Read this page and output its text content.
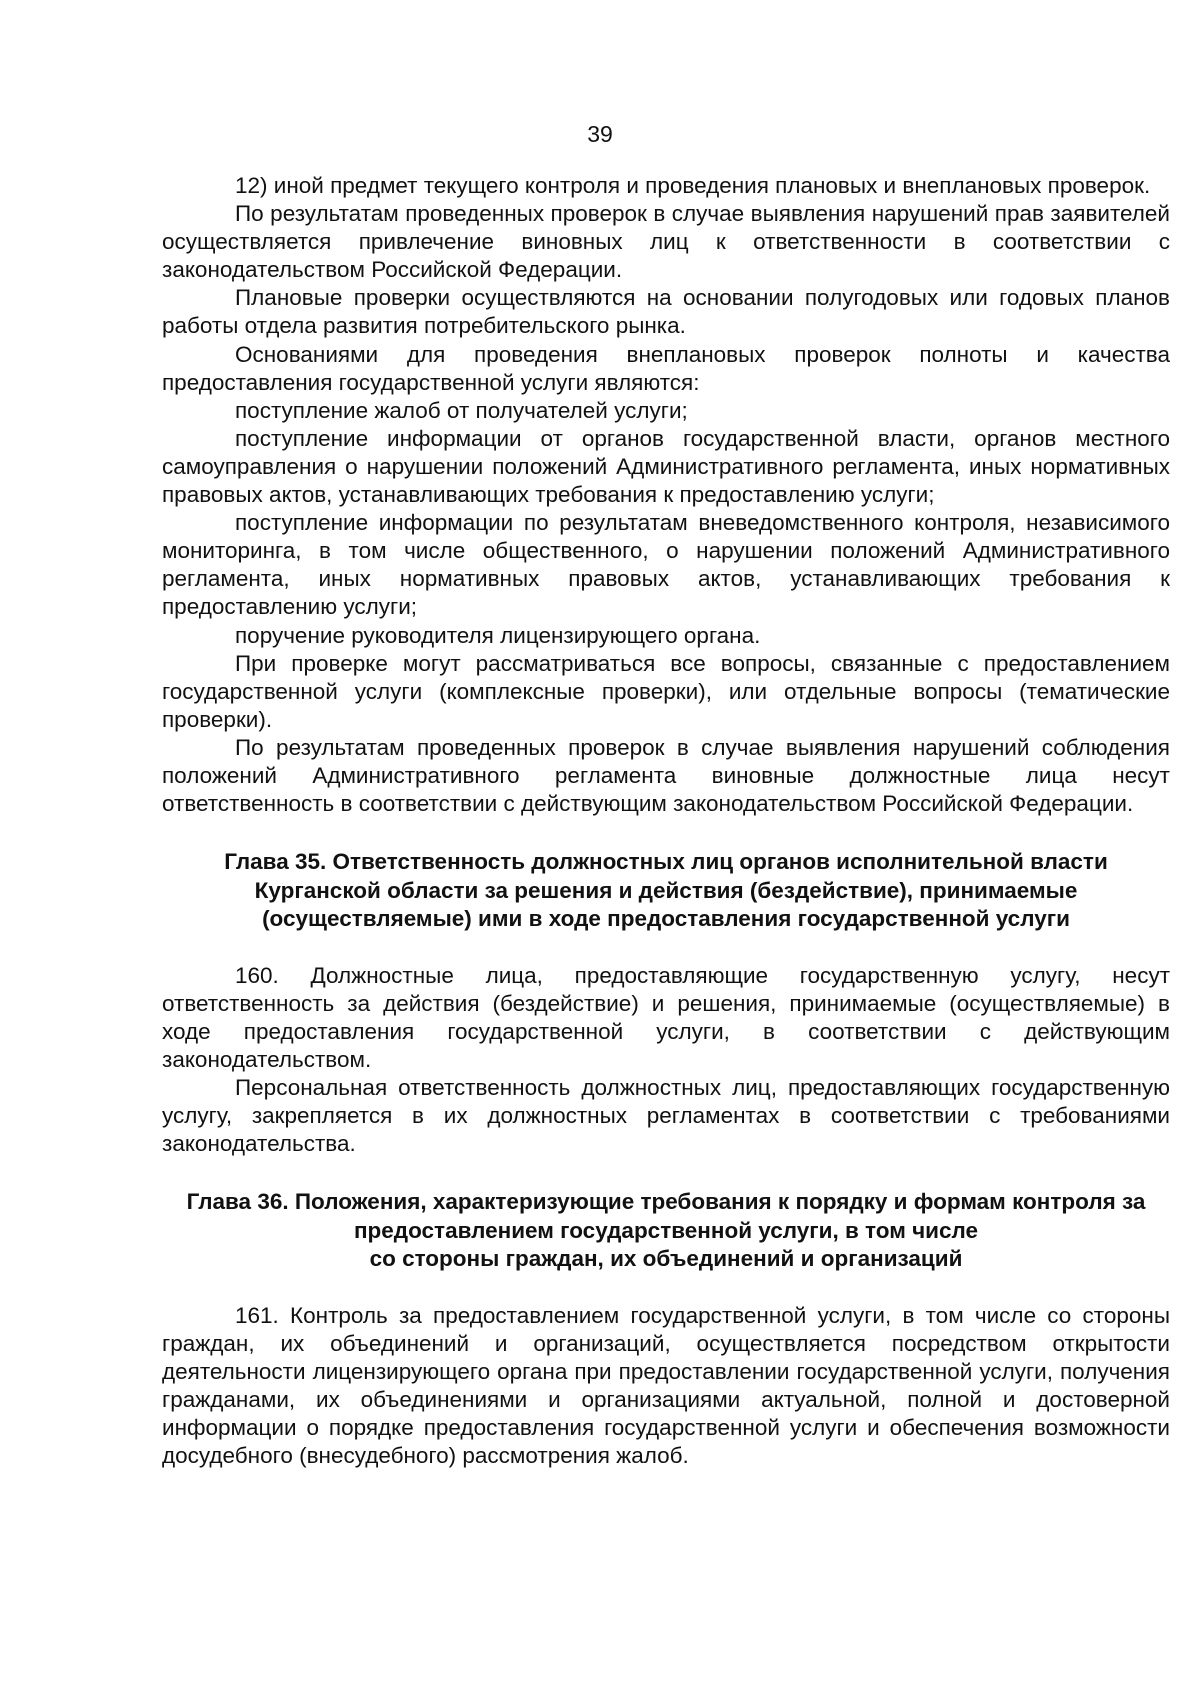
39

12) иной предмет текущего контроля и проведения плановых и внеплановых проверок.

По результатам проведенных проверок в случае выявления нарушений прав заявителей осуществляется привлечение виновных лиц к ответственности в соответствии с законодательством Российской Федерации.

Плановые проверки осуществляются на основании полугодовых или годовых планов работы отдела развития потребительского рынка.

Основаниями для проведения внеплановых проверок полноты и качества предоставления государственной услуги являются:

поступление жалоб от получателей услуги;

поступление информации от органов государственной власти, органов местного самоуправления о нарушении положений Административного регламента, иных нормативных правовых актов, устанавливающих требования к предоставлению услуги;

поступление информации по результатам вневедомственного контроля, независимого мониторинга, в том числе общественного, о нарушении положений Административного регламента, иных нормативных правовых актов, устанавливающих требования к предоставлению услуги;

поручение руководителя лицензирующего органа.

При проверке могут рассматриваться все вопросы, связанные с предоставлением государственной услуги (комплексные проверки), или отдельные вопросы (тематические проверки).

По результатам проведенных проверок в случае выявления нарушений соблюдения положений Административного регламента виновные должностные лица несут ответственность в соответствии с действующим законодательством Российской Федерации.

Глава 35. Ответственность должностных лиц органов исполнительной власти
Курганской области за решения и действия (бездействие), принимаемые
(осуществляемые) ими в ходе предоставления государственной услуги

160. Должностные лица, предоставляющие государственную услугу, несут ответственность за действия (бездействие) и решения, принимаемые (осуществляемые) в ходе предоставления государственной услуги, в соответствии с действующим законодательством.

Персональная ответственность должностных лиц, предоставляющих государственную услугу, закрепляется в их должностных регламентах в соответствии с требованиями законодательства.

Глава 36. Положения, характеризующие требования к порядку и формам контроля за
предоставлением государственной услуги, в том числе
со стороны граждан, их объединений и организаций

161. Контроль за предоставлением государственной услуги, в том числе со стороны граждан, их объединений и организаций, осуществляется посредством открытости деятельности лицензирующего органа при предоставлении государственной услуги, получения гражданами, их объединениями и организациями актуальной, полной и достоверной информации о порядке предоставления государственной услуги и обеспечения возможности досудебного (внесудебного) рассмотрения жалоб.
